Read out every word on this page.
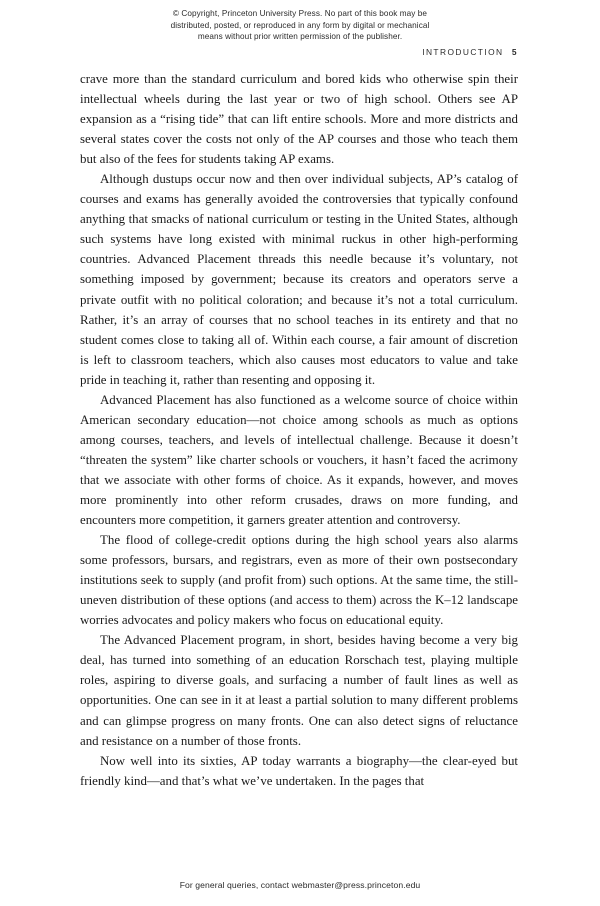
© Copyright, Princeton University Press. No part of this book may be
distributed, posted, or reproduced in any form by digital or mechanical
means without prior written permission of the publisher.
INTRODUCTION 5

crave more than the standard curriculum and bored kids who otherwise spin their intellectual wheels during the last year or two of high school. Others see AP expansion as a “rising tide” that can lift entire schools. More and more districts and several states cover the costs not only of the AP courses and those who teach them but also of the fees for students taking AP exams.

Although dustups occur now and then over individual subjects, AP’s catalog of courses and exams has generally avoided the controversies that typically confound anything that smacks of national curriculum or testing in the United States, although such systems have long existed with minimal ruckus in other high-performing countries. Advanced Placement threads this needle because it’s voluntary, not something imposed by government; because its creators and operators serve a private outfit with no political coloration; and because it’s not a total curriculum. Rather, it’s an array of courses that no school teaches in its entirety and that no student comes close to taking all of. Within each course, a fair amount of discretion is left to classroom teachers, which also causes most educators to value and take pride in teaching it, rather than resenting and opposing it.

Advanced Placement has also functioned as a welcome source of choice within American secondary education—not choice among schools as much as options among courses, teachers, and levels of intellectual challenge. Because it doesn’t “threaten the system” like charter schools or vouchers, it hasn’t faced the acrimony that we associate with other forms of choice. As it expands, however, and moves more prominently into other reform crusades, draws on more funding, and encounters more competition, it garners greater attention and controversy.

The flood of college-credit options during the high school years also alarms some professors, bursars, and registrars, even as more of their own postsecondary institutions seek to supply (and profit from) such options. At the same time, the still-uneven distribution of these options (and access to them) across the K–12 landscape worries advocates and policy makers who focus on educational equity.

The Advanced Placement program, in short, besides having become a very big deal, has turned into something of an education Rorschach test, playing multiple roles, aspiring to diverse goals, and surfacing a number of fault lines as well as opportunities. One can see in it at least a partial solution to many different problems and can glimpse progress on many fronts. One can also detect signs of reluctance and resistance on a number of those fronts.

Now well into its sixties, AP today warrants a biography—the clear-eyed but friendly kind—and that’s what we’ve undertaken. In the pages that

For general queries, contact webmaster@press.princeton.edu
